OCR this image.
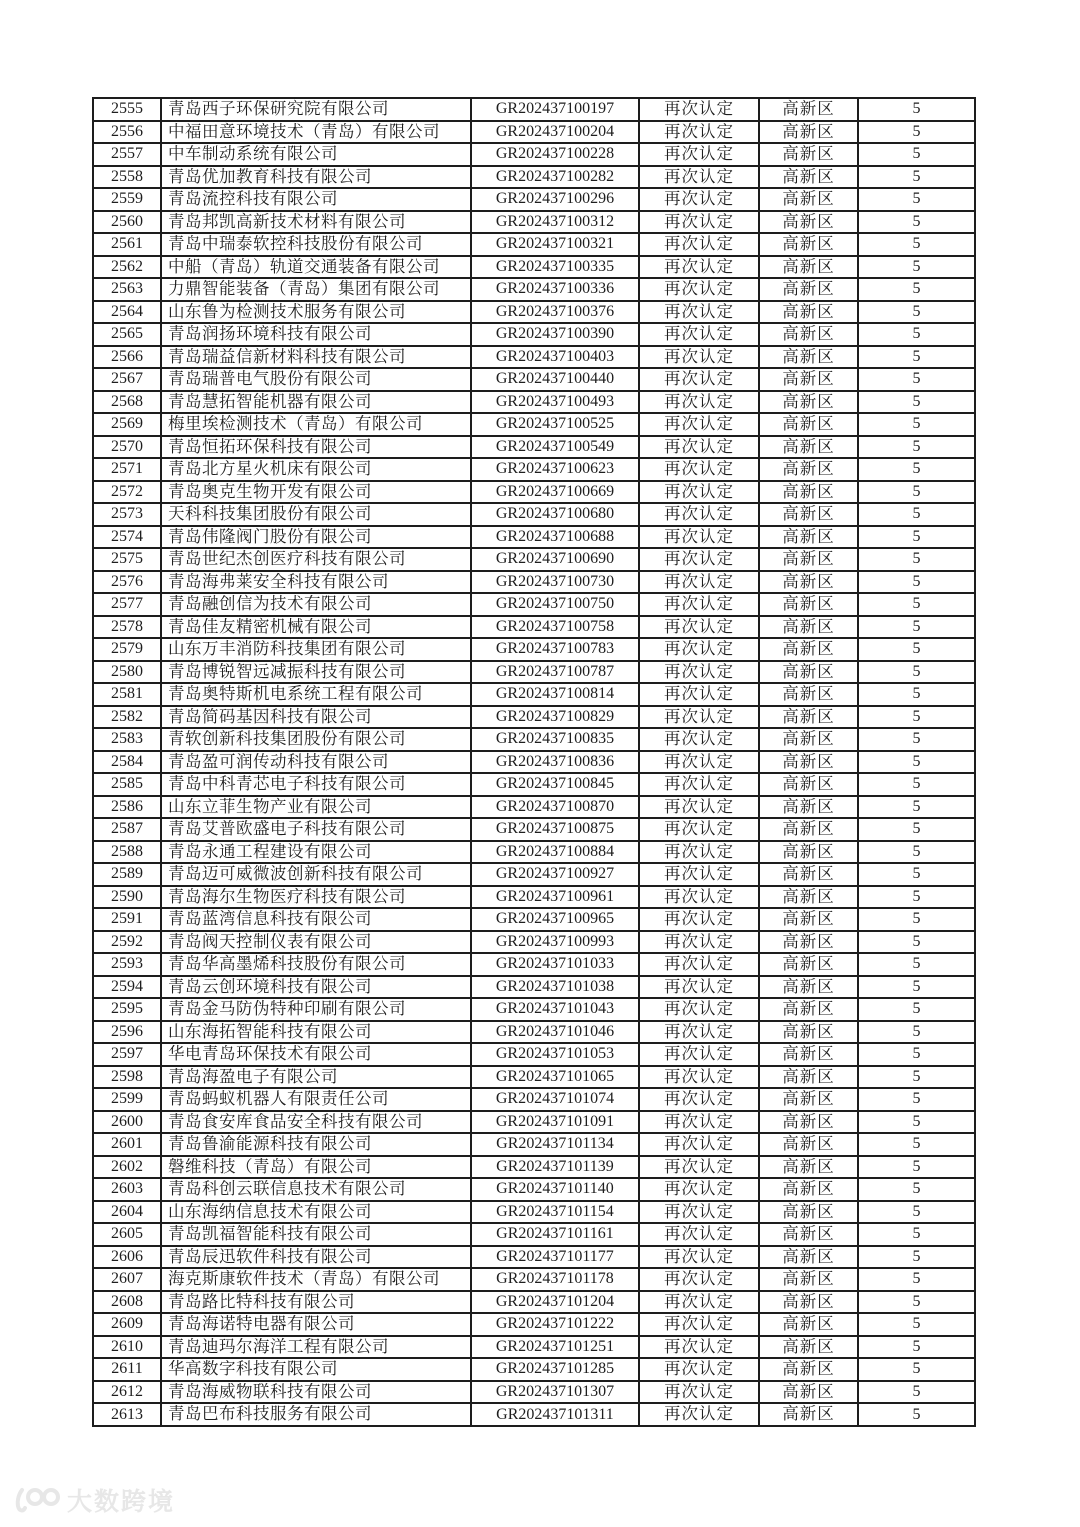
2555	青岛西子环保研究院有限公司	GR202437100197	再次认定	高新区	5
2556	中福田意环境技术（青岛）有限公司	GR202437100204	再次认定	高新区	5
2557	中车制动系统有限公司	GR202437100228	再次认定	高新区	5
2558	青岛优加教育科技有限公司	GR202437100282	再次认定	高新区	5
2559	青岛流控科技有限公司	GR202437100296	再次认定	高新区	5
2560	青岛邦凯高新技术材料有限公司	GR202437100312	再次认定	高新区	5
2561	青岛中瑞泰软控科技股份有限公司	GR202437100321	再次认定	高新区	5
2562	中船（青岛）轨道交通装备有限公司	GR202437100335	再次认定	高新区	5
2563	力鼎智能装备（青岛）集团有限公司	GR202437100336	再次认定	高新区	5
2564	山东鲁为检测技术服务有限公司	GR202437100376	再次认定	高新区	5
2565	青岛润扬环境科技有限公司	GR202437100390	再次认定	高新区	5
2566	青岛瑞益信新材料科技有限公司	GR202437100403	再次认定	高新区	5
2567	青岛瑞普电气股份有限公司	GR202437100440	再次认定	高新区	5
2568	青岛慧拓智能机器有限公司	GR202437100493	再次认定	高新区	5
2569	梅里埃检测技术（青岛）有限公司	GR202437100525	再次认定	高新区	5
2570	青岛恒拓环保科技有限公司	GR202437100549	再次认定	高新区	5
2571	青岛北方星火机床有限公司	GR202437100623	再次认定	高新区	5
2572	青岛奥克生物开发有限公司	GR202437100669	再次认定	高新区	5
2573	天科科技集团股份有限公司	GR202437100680	再次认定	高新区	5
2574	青岛伟隆阀门股份有限公司	GR202437100688	再次认定	高新区	5
2575	青岛世纪杰创医疗科技有限公司	GR202437100690	再次认定	高新区	5
2576	青岛海弗莱安全科技有限公司	GR202437100730	再次认定	高新区	5
2577	青岛融创信为技术有限公司	GR202437100750	再次认定	高新区	5
2578	青岛佳友精密机械有限公司	GR202437100758	再次认定	高新区	5
2579	山东万丰消防科技集团有限公司	GR202437100783	再次认定	高新区	5
2580	青岛博锐智远减振科技有限公司	GR202437100787	再次认定	高新区	5
2581	青岛奥特斯机电系统工程有限公司	GR202437100814	再次认定	高新区	5
2582	青岛简码基因科技有限公司	GR202437100829	再次认定	高新区	5
2583	青软创新科技集团股份有限公司	GR202437100835	再次认定	高新区	5
2584	青岛盈可润传动科技有限公司	GR202437100836	再次认定	高新区	5
2585	青岛中科青芯电子科技有限公司	GR202437100845	再次认定	高新区	5
2586	山东立菲生物产业有限公司	GR202437100870	再次认定	高新区	5
2587	青岛艾普欧盛电子科技有限公司	GR202437100875	再次认定	高新区	5
2588	青岛永通工程建设有限公司	GR202437100884	再次认定	高新区	5
2589	青岛迈可威微波创新科技有限公司	GR202437100927	再次认定	高新区	5
2590	青岛海尔生物医疗科技有限公司	GR202437100961	再次认定	高新区	5
2591	青岛蓝湾信息科技有限公司	GR202437100965	再次认定	高新区	5
2592	青岛阀天控制仪表有限公司	GR202437100993	再次认定	高新区	5
2593	青岛华高墨烯科技股份有限公司	GR202437101033	再次认定	高新区	5
2594	青岛云创环境科技有限公司	GR202437101038	再次认定	高新区	5
2595	青岛金马防伪特种印刷有限公司	GR202437101043	再次认定	高新区	5
2596	山东海拓智能科技有限公司	GR202437101046	再次认定	高新区	5
2597	华电青岛环保技术有限公司	GR202437101053	再次认定	高新区	5
2598	青岛海盈电子有限公司	GR202437101065	再次认定	高新区	5
2599	青岛蚂蚁机器人有限责任公司	GR202437101074	再次认定	高新区	5
2600	青岛食安库食品安全科技有限公司	GR202437101091	再次认定	高新区	5
2601	青岛鲁渝能源科技有限公司	GR202437101134	再次认定	高新区	5
2602	磐维科技（青岛）有限公司	GR202437101139	再次认定	高新区	5
2603	青岛科创云联信息技术有限公司	GR202437101140	再次认定	高新区	5
2604	山东海纳信息技术有限公司	GR202437101154	再次认定	高新区	5
2605	青岛凯福智能科技有限公司	GR202437101161	再次认定	高新区	5
2606	青岛辰迅软件科技有限公司	GR202437101177	再次认定	高新区	5
2607	海克斯康软件技术（青岛）有限公司	GR202437101178	再次认定	高新区	5
2608	青岛路比特科技有限公司	GR202437101204	再次认定	高新区	5
2609	青岛海诺特电器有限公司	GR202437101222	再次认定	高新区	5
2610	青岛迪玛尔海洋工程有限公司	GR202437101251	再次认定	高新区	5
2611	华高数字科技有限公司	GR202437101285	再次认定	高新区	5
2612	青岛海威物联科技有限公司	GR202437101307	再次认定	高新区	5
2613	青岛巴布科技服务有限公司	GR202437101311	再次认定	高新区	5
大数跨境
